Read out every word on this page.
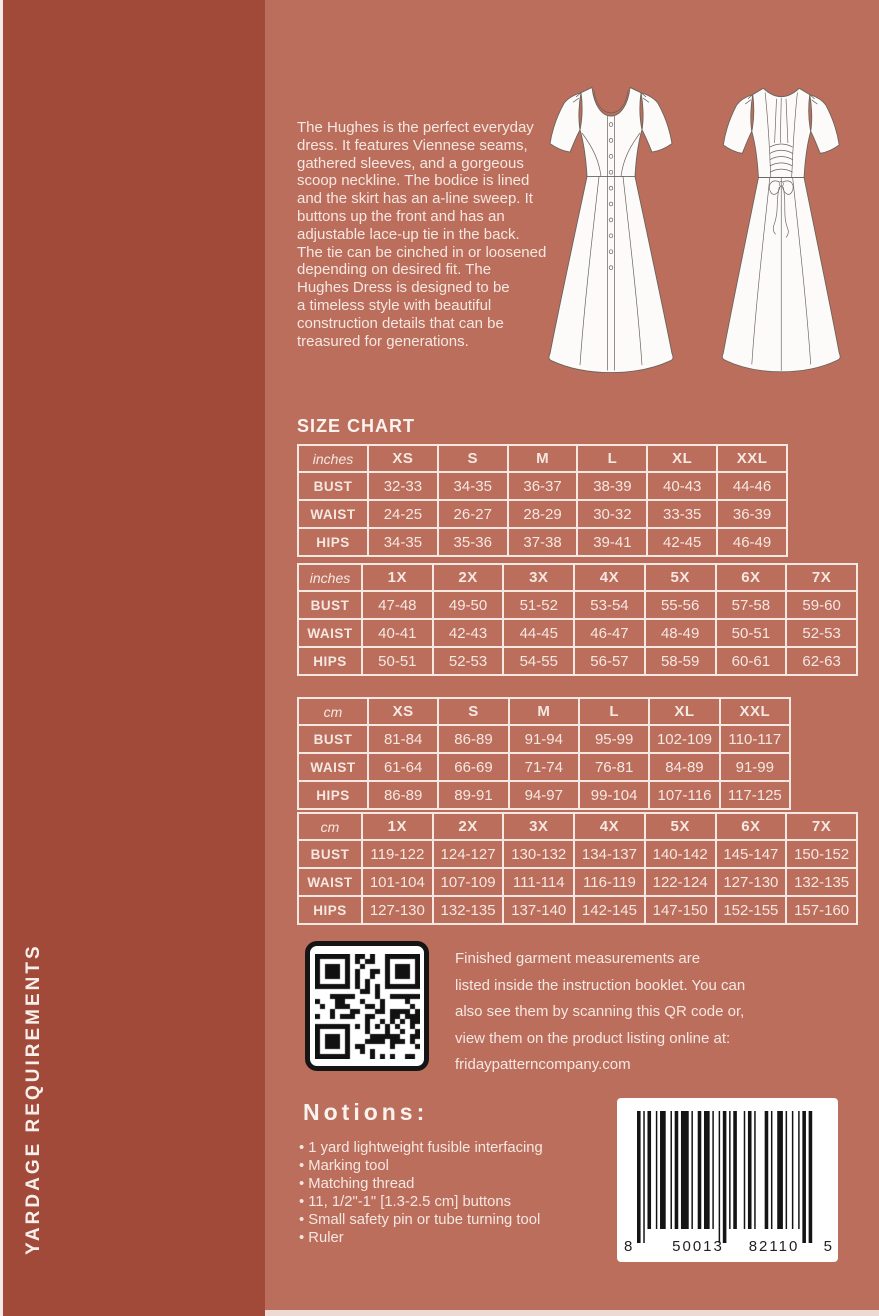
YARDAGE REQUIREMENTS
The Hughes is the perfect everyday
dress. It features Viennese seams,
gathered sleeves, and a gorgeous
scoop neckline. The bodice is lined
and the skirt has an a-line sweep. It
buttons up the front and has an
adjustable lace-up tie in the back.
The tie can be cinched in or loosened
depending on desired fit. The
Hughes Dress is designed to be
a timeless style with beautiful
construction details that can be
treasured for generations.
SIZE CHART
inches	XS	S	M	L	XL	XXL
BUST	32-33	34-35	36-37	38-39	40-43	44-46
WAIST	24-25	26-27	28-29	30-32	33-35	36-39
HIPS	34-35	35-36	37-38	39-41	42-45	46-49
inches	1X	2X	3X	4X	5X	6X	7X
BUST	47-48	49-50	51-52	53-54	55-56	57-58	59-60
WAIST	40-41	42-43	44-45	46-47	48-49	50-51	52-53
HIPS	50-51	52-53	54-55	56-57	58-59	60-61	62-63
cm	XS	S	M	L	XL	XXL
BUST	81-84	86-89	91-94	95-99	102-109	110-117
WAIST	61-64	66-69	71-74	76-81	84-89	91-99
HIPS	86-89	89-91	94-97	99-104	107-116	117-125
cm	1X	2X	3X	4X	5X	6X	7X
BUST	119-122	124-127	130-132	134-137	140-142	145-147	150-152
WAIST	101-104	107-109	111-114	116-119	122-124	127-130	132-135
HIPS	127-130	132-135	137-140	142-145	147-150	152-155	157-160
Finished garment measurements are
listed inside the instruction booklet. You can
also see them by scanning this QR code or,
view them on the product listing online at:
fridaypatterncompany.com
Notions:
• 1 yard lightweight fusible interfacing
• Marking tool
• Matching thread
• 11, 1/2"-1" [1.3-2.5 cm] buttons
• Small safety pin or tube turning tool
• Ruler
8	50013	82110	5
